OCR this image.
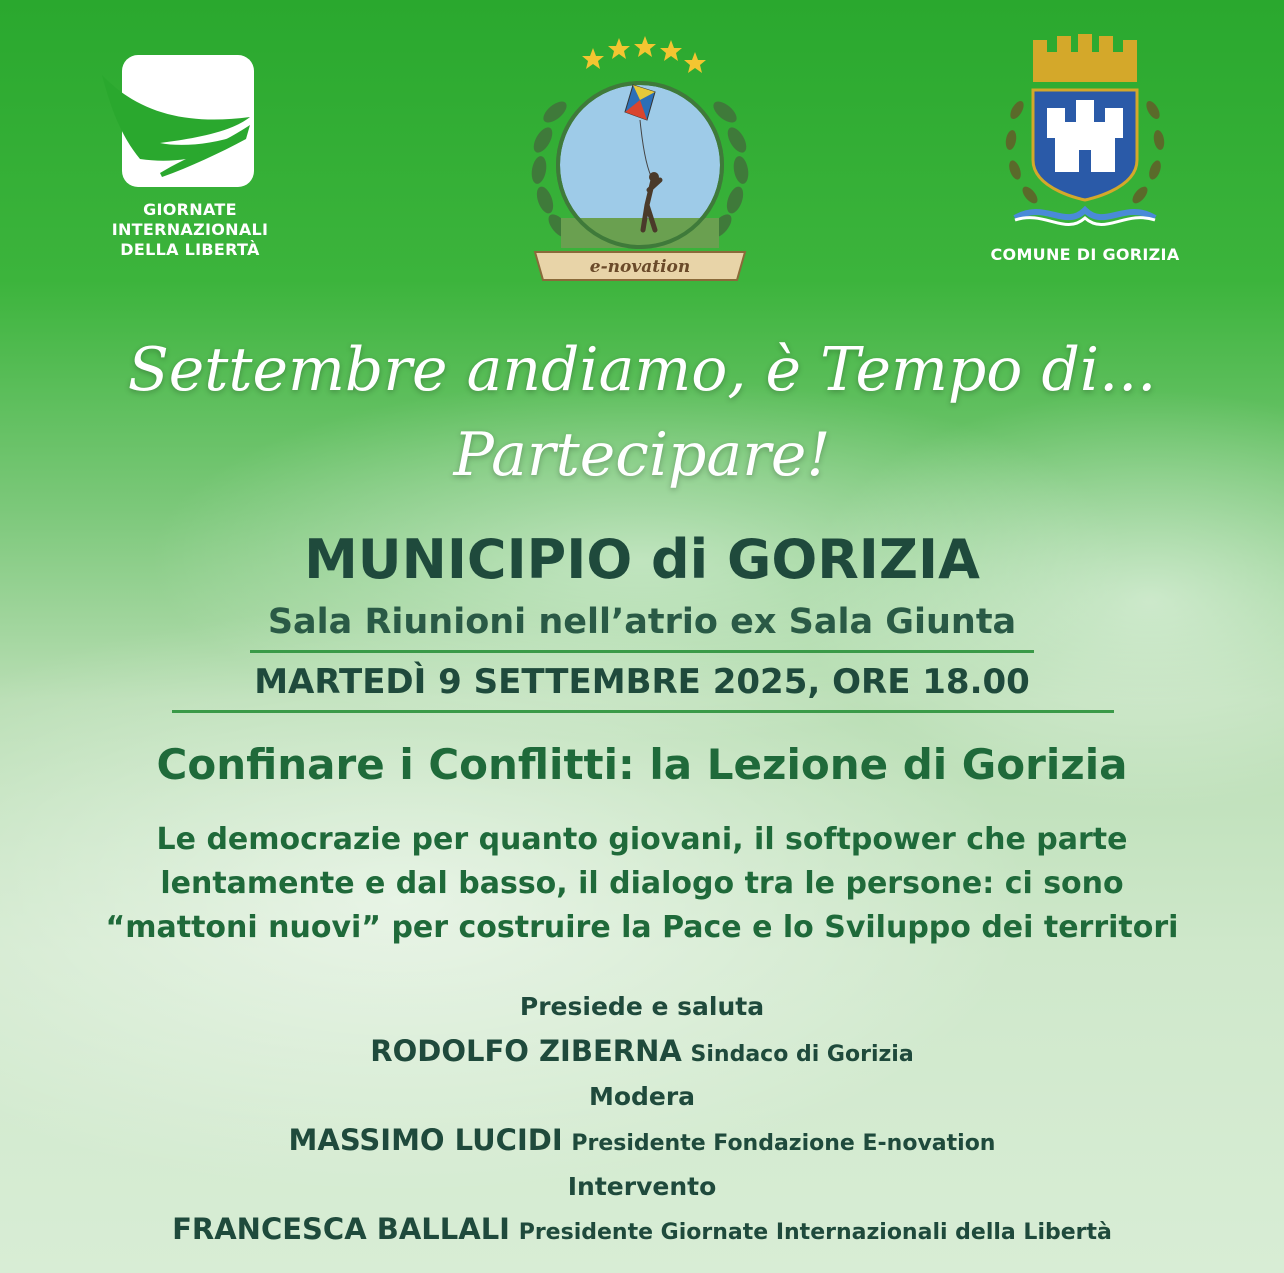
GIORNATE
INTERNAZIONALI
DELLA LIBERTÀ
e-novation
COMUNE DI GORIZIA
Settembre andiamo, è Tempo di...
Partecipare!
MUNICIPIO di GORIZIA
Sala Riunioni nell’atrio ex Sala Giunta
MARTEDÌ 9 SETTEMBRE 2025, ORE 18.00
Confinare i Conflitti: la Lezione di Gorizia
Le democrazie per quanto giovani, il softpower che parte
lentamente e dal basso, il dialogo tra le persone: ci sono
“mattoni nuovi” per costruire la Pace e lo Sviluppo dei territori
Presiede e saluta
RODOLFO ZIBERNA Sindaco di Gorizia
Modera
MASSIMO LUCIDI Presidente Fondazione E-novation
Intervento
FRANCESCA BALLALI Presidente Giornate Internazionali della Libertà
